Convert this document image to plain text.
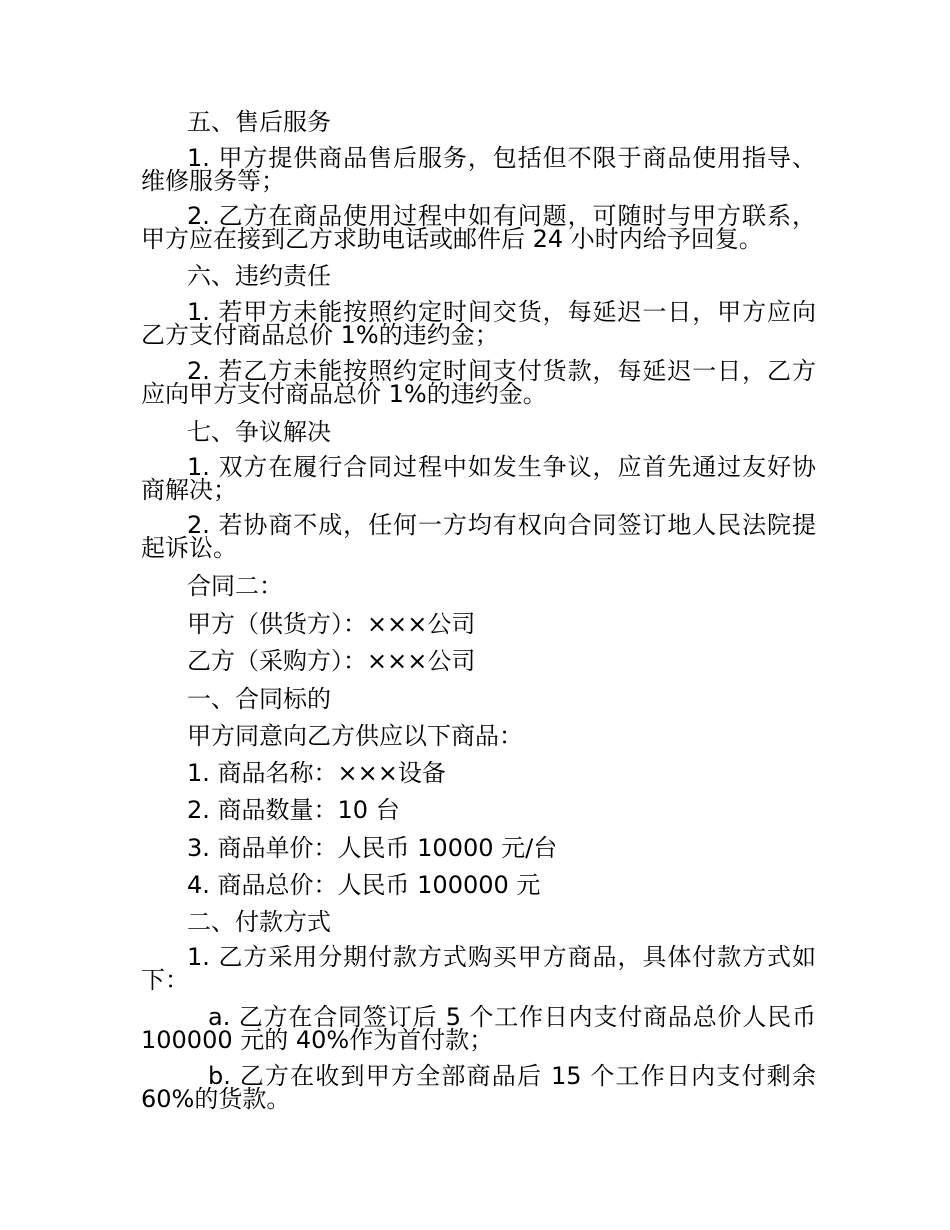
五、售后服务
1. 甲方提供商品售后服务，包括但不限于商品使用指导、维修服务等；
2. 乙方在商品使用过程中如有问题，可随时与甲方联系，甲方应在接到乙方求助电话或邮件后 24 小时内给予回复。
六、违约责任
1. 若甲方未能按照约定时间交货，每延迟一日，甲方应向乙方支付商品总价 1%的违约金；
2. 若乙方未能按照约定时间支付货款，每延迟一日，乙方应向甲方支付商品总价 1%的违约金。
七、争议解决
1. 双方在履行合同过程中如发生争议，应首先通过友好协商解决；
2. 若协商不成，任何一方均有权向合同签订地人民法院提起诉讼。
合同二：
甲方（供货方）：×××公司
乙方（采购方）：×××公司
一、合同标的
甲方同意向乙方供应以下商品：
1. 商品名称：×××设备
2. 商品数量：10 台
3. 商品单价：人民币 10000 元/台
4. 商品总价：人民币 100000 元
二、付款方式
1. 乙方采用分期付款方式购买甲方商品，具体付款方式如下：
a. 乙方在合同签订后 5 个工作日内支付商品总价人民币 100000 元的 40%作为首付款；
b. 乙方在收到甲方全部商品后 15 个工作日内支付剩余 60%的货款。
